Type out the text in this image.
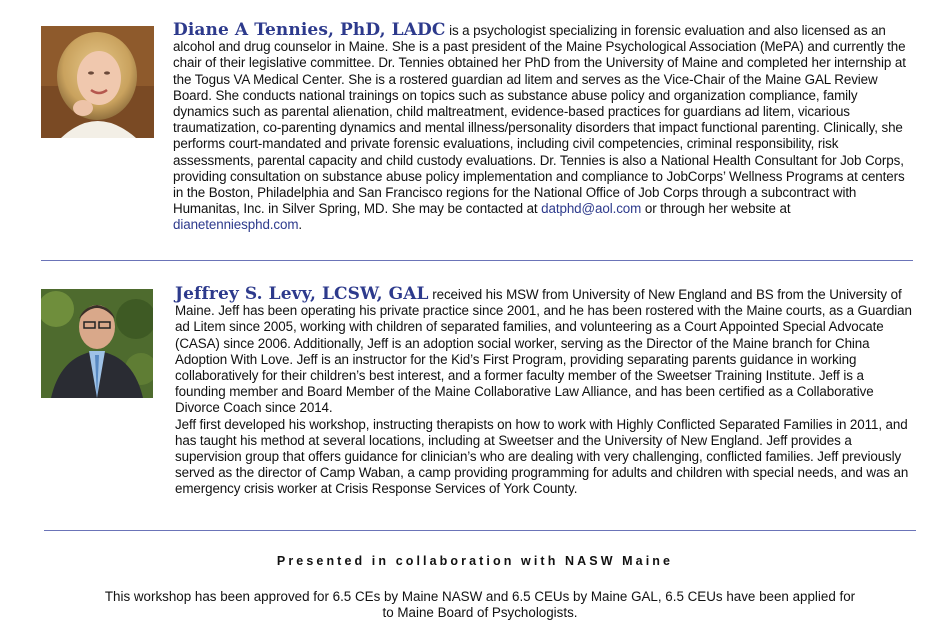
Diane A Tennies, PhD, LADC is a psychologist specializing in forensic evaluation and also licensed as an alcohol and drug counselor in Maine. She is a past president of the Maine Psychological Association (MePA) and currently the chair of their legislative committee. Dr. Tennies obtained her PhD from the University of Maine and completed her internship at the Togus VA Medical Center. She is a rostered guardian ad litem and serves as the Vice-Chair of the Maine GAL Review Board. She conducts national trainings on topics such as substance abuse policy and organization compliance, family dynamics such as parental alienation, child maltreatment, evidence-based practices for guardians ad litem, vicarious traumatization, co-parenting dynamics and mental illness/personality disorders that impact functional parenting. Clinically, she performs court-mandated and private forensic evaluations, including civil competencies, criminal responsibility, risk assessments, parental capacity and child custody evaluations. Dr. Tennies is also a National Health Consultant for Job Corps, providing consultation on substance abuse policy implementation and compliance to JobCorps’ Wellness Programs at centers in the Boston, Philadelphia and San Francisco regions for the National Office of Job Corps through a subcontract with Humanitas, Inc. in Silver Spring, MD. She may be contacted at datphd@aol.com or through her website at dianetenniesphd.com.

Jeffrey S. Levy, LCSW, GAL received his MSW from University of New England and BS from the University of Maine. Jeff has been operating his private practice since 2001, and he has been rostered with the Maine courts, as a Guardian ad Litem since 2005, working with children of separated families, and volunteering as a Court Appointed Special Advocate (CASA) since 2006. Additionally, Jeff is an adoption social worker, serving as the Director of the Maine branch for China Adoption With Love. Jeff is an instructor for the Kid’s First Program, providing separating parents guidance in working collaboratively for their children’s best interest, and a former faculty member of the Sweetser Training Institute. Jeff is a founding member and Board Member of the Maine Collaborative Law Alliance, and has been certified as a Collaborative Divorce Coach since 2014.

Jeff first developed his workshop, instructing therapists on how to work with Highly Conflicted Separated Families in 2011, and has taught his method at several locations, including at Sweetser and the University of New England. Jeff provides a supervision group that offers guidance for clinician’s who are dealing with very challenging, conflicted families. Jeff previously served as the director of Camp Waban, a camp providing programming for adults and children with special needs, and was an emergency crisis worker at Crisis Response Services of York County.

Presented in collaboration with NASW Maine
This workshop has been approved for 6.5 CEs by Maine NASW and 6.5 CEUs by Maine GAL, 6.5 CEUs have been applied for to Maine Board of Psychologists.
